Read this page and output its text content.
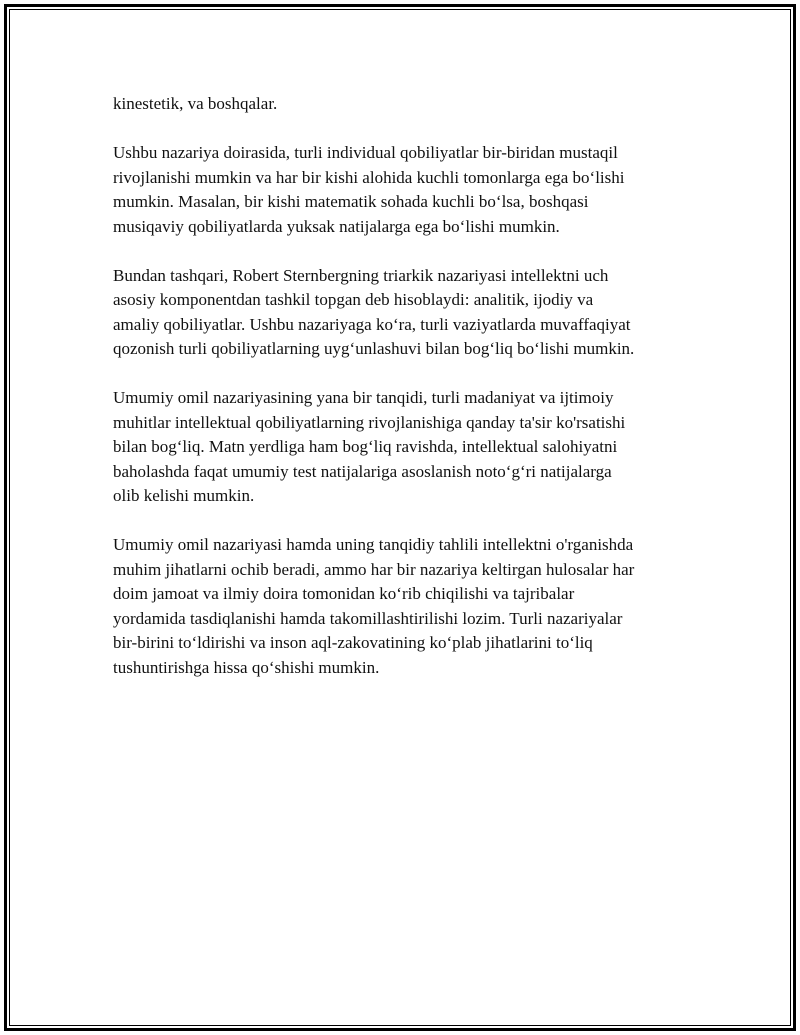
kinestetik, va boshqalar.

Ushbu nazariya doirasida, turli individual qobiliyatlar bir-biridan mustaqil
rivojlanishi mumkin va har bir kishi alohida kuchli tomonlarga ega bo‘lishi
mumkin. Masalan, bir kishi matematik sohada kuchli bo‘lsa, boshqasi
musiqaviy qobiliyatlarda yuksak natijalarga ega bo‘lishi mumkin.

Bundan tashqari, Robert Sternbergning triarkik nazariyasi intellektni uch
asosiy komponentdan tashkil topgan deb hisoblaydi: analitik, ijodiy va
amaliy qobiliyatlar. Ushbu nazariyaga ko‘ra, turli vaziyatlarda muvaffaqiyat
qozonish turli qobiliyatlarning uyg‘unlashuvi bilan bog‘liq bo‘lishi mumkin.

Umumiy omil nazariyasining yana bir tanqidi, turli madaniyat va ijtimoiy
muhitlar intellektual qobiliyatlarning rivojlanishiga qanday ta'sir ko'rsatishi
bilan bog‘liq. Matn yerdliga ham bog‘liq ravishda, intellektual salohiyatni
baholashda faqat umumiy test natijalariga asoslanish noto‘g‘ri natijalarga
olib kelishi mumkin.

Umumiy omil nazariyasi hamda uning tanqidiy tahlili intellektni o'rganishda
muhim jihatlarni ochib beradi, ammo har bir nazariya keltirgan hulosalar har
doim jamoat va ilmiy doira tomonidan ko‘rib chiqilishi va tajribalar
yordamida tasdiqlanishi hamda takomillashtirilishi lozim. Turli nazariyalar
bir-birini to‘ldirishi va inson aql-zakovatining ko‘plab jihatlarini to‘liq
tushuntirishga hissa qo‘shishi mumkin.
